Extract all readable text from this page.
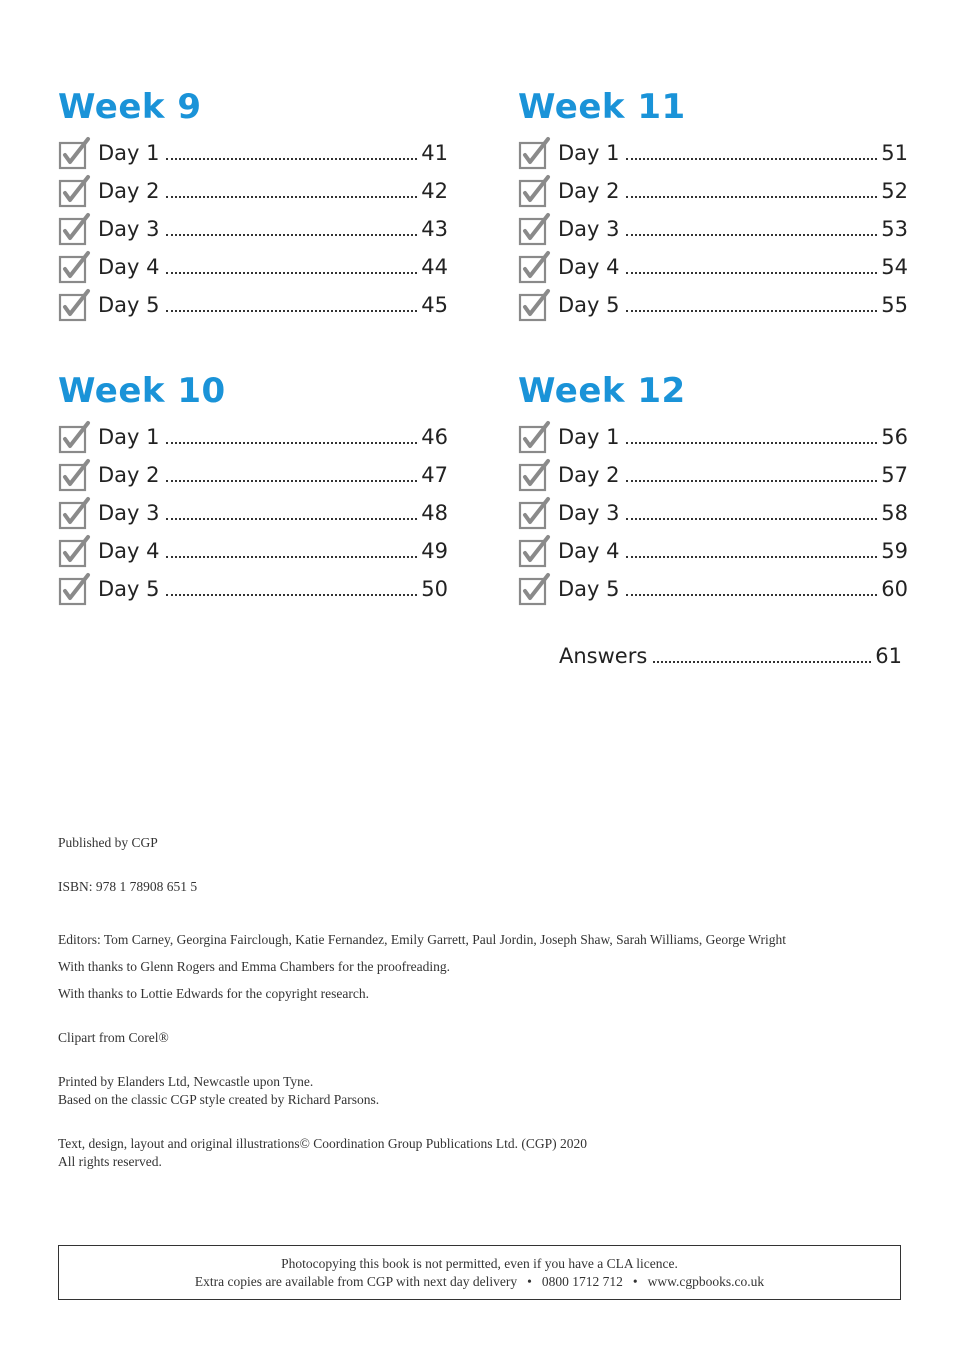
Week 9
Day 1	41
Day 2	42
Day 3	43
Day 4	44
Day 5	45
Week 11
Day 1	51
Day 2	52
Day 3	53
Day 4	54
Day 5	55
Week 10
Day 1	46
Day 2	47
Day 3	48
Day 4	49
Day 5	50
Week 12
Day 1	56
Day 2	57
Day 3	58
Day 4	59
Day 5	60
Answers	61

Published by CGP

ISBN: 978 1 78908 651 5

Editors: Tom Carney, Georgina Fairclough, Katie Fernandez, Emily Garrett, Paul Jordin, Joseph Shaw, Sarah Williams, George Wright

With thanks to Glenn Rogers and Emma Chambers for the proofreading.

With thanks to Lottie Edwards for the copyright research.

Clipart from Corel®

Printed by Elanders Ltd, Newcastle upon Tyne.

Based on the classic CGP style created by Richard Parsons.

Text, design, layout and original illustrations© Coordination Group Publications Ltd. (CGP) 2020

All rights reserved.

Photocopying this book is not permitted, even if you have a CLA licence.

Extra copies are available from CGP with next day delivery • 0800 1712 712 • www.cgpbooks.co.uk
